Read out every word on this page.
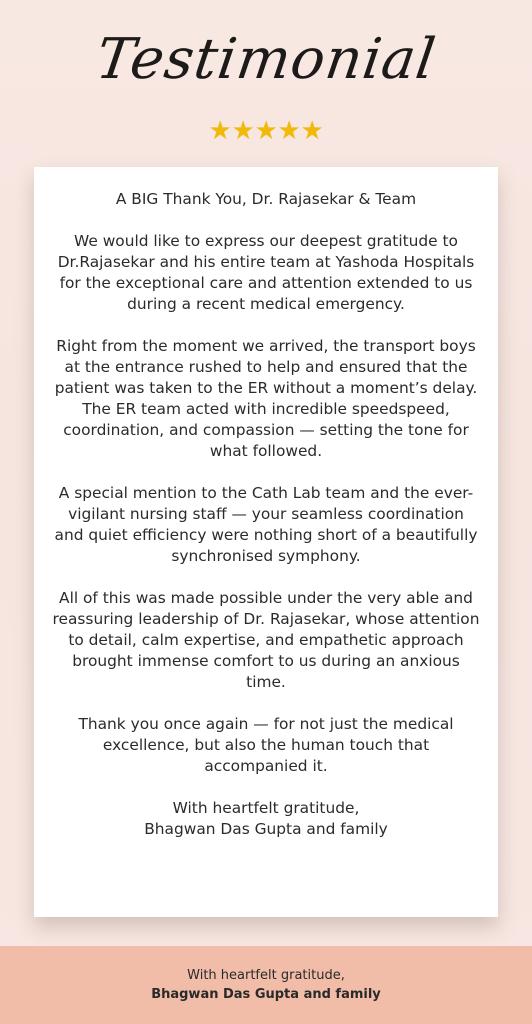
Testimonial
★★★★★

A BIG Thank You, Dr. Rajasekar & Team

We would like to express our deepest gratitude to Dr.Rajasekar and his entire team at Yashoda Hospitals for the exceptional care and attention extended to us during a recent medical emergency.

Right from the moment we arrived, the transport boys at the entrance rushed to help and ensured that the patient was taken to the ER without a moment’s delay. The ER team acted with incredible speedspeed, coordination, and compassion — setting the tone for what followed.

A special mention to the Cath Lab team and the ever-vigilant nursing staff — your seamless coordination and quiet efficiency were nothing short of a beautifully synchronised symphony.

All of this was made possible under the very able and reassuring leadership of Dr. Rajasekar, whose attention to detail, calm expertise, and empathetic approach brought immense comfort to us during an anxious time.

Thank you once again — for not just the medical excellence, but also the human touch that accompanied it.

With heartfelt gratitude,
Bhagwan Das Gupta and family
With heartfelt gratitude,
Bhagwan Das Gupta and family
